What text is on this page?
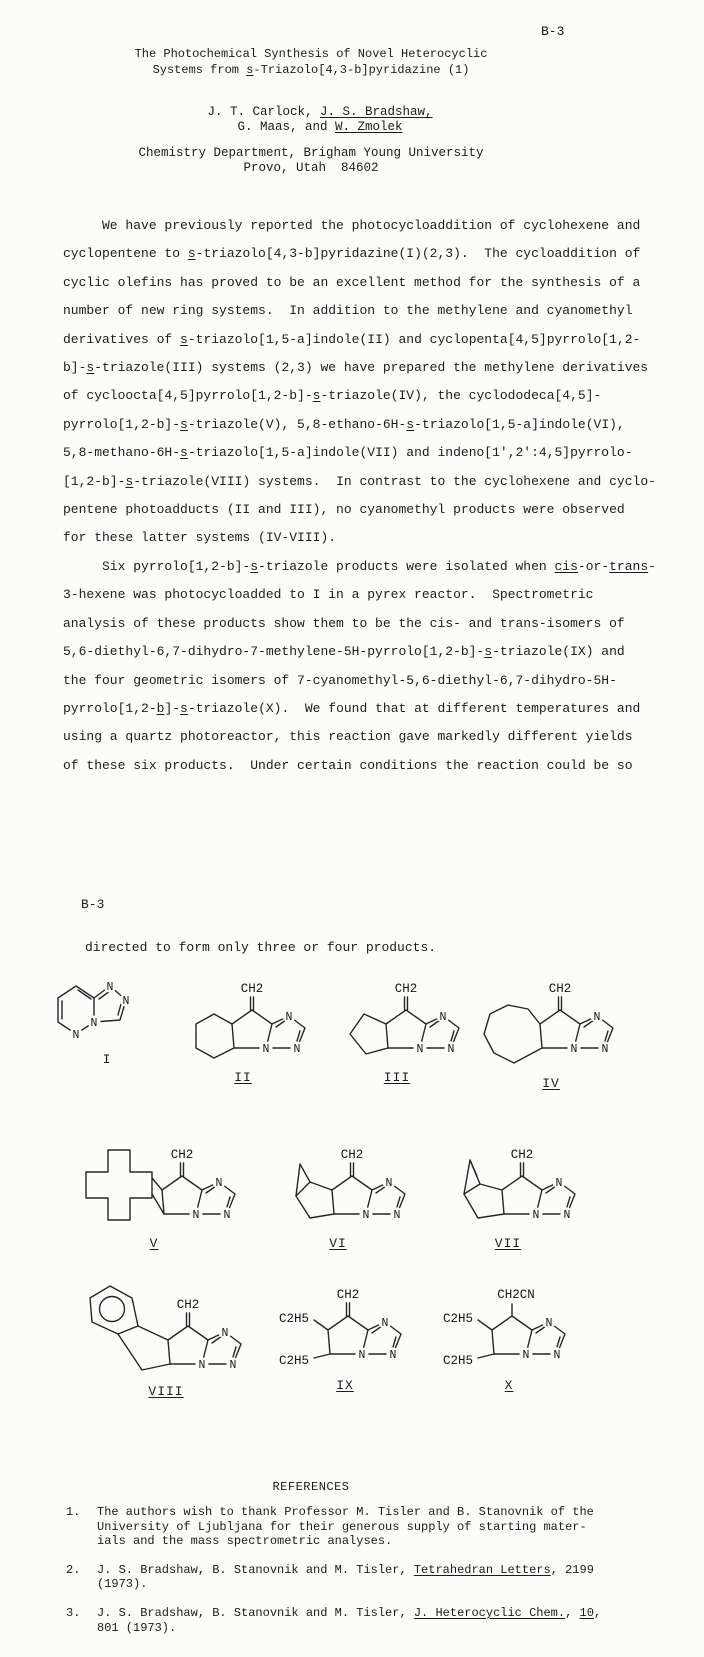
B-3
The Photochemical Synthesis of Novel Heterocyclic
Systems from s-Triazolo[4,3-b]pyridazine (1)
J. T. Carlock, J. S. Bradshaw,
G. Maas, and W. Zmolek
Chemistry Department, Brigham Young University
Provo, Utah  84602
We have previously reported the photocycloaddition of cyclohexene and
cyclopentene to s-triazolo[4,3-b]pyridazine(I)(2,3).  The cycloaddition of
cyclic olefins has proved to be an excellent method for the synthesis of a
number of new ring systems.  In addition to the methylene and cyanomethyl
derivatives of s-triazolo[1,5-a]indole(II) and cyclopenta[4,5]pyrrolo[1,2-
b]-s-triazole(III) systems (2,3) we have prepared the methylene derivatives
of cycloocta[4,5]pyrrolo[1,2-b]-s-triazole(IV), the cyclododeca[4,5]-
pyrrolo[1,2-b]-s-triazole(V), 5,8-ethano-6H-s-triazolo[1,5-a]indole(VI),
5,8-methano-6H-s-triazolo[1,5-a]indole(VII) and indeno[1',2':4,5]pyrrolo-
[1,2-b]-s-triazole(VIII) systems.  In contrast to the cyclohexene and cyclo-
pentene photoadducts (II and III), no cyanomethyl products were observed
for these latter systems (IV-VIII).
Six pyrrolo[1,2-b]-s-triazole products were isolated when cis-or-trans-
3-hexene was photocycloadded to I in a pyrex reactor.  Spectrometric
analysis of these products show them to be the cis- and trans-isomers of
5,6-diethyl-6,7-dihydro-7-methylene-5H-pyrrolo[1,2-b]-s-triazole(IX) and
the four geometric isomers of 7-cyanomethyl-5,6-diethyl-6,7-dihydro-5H-
pyrrolo[1,2-b]-s-triazole(X).  We found that at different temperatures and
using a quartz photoreactor, this reaction gave markedly different yields
of these six products.  Under certain conditions the reaction could be so
B-3
directed to form only three or four products.
N
N
N
N
I
CH2
N
N
N
II
CH2
N
N
N
III
CH2
N
N
N
IV
CH2
N
N
N
V
CH2
N
N
N
VI
CH2
N
N
N
VII
CH2
N
N
N
VIII
CH2
C2H5
C2H5
N
N
N
IX
CH2CN
C2H5
C2H5
N
N
N
X
REFERENCES
1. The authors wish to thank Professor M. Tisler and B. Stanovnik of the
University of Ljubljana for their generous supply of starting mater-
ials and the mass spectrometric analyses.
2. J. S. Bradshaw, B. Stanovnik and M. Tisler, Tetrahedran Letters, 2199
(1973).
3. J. S. Bradshaw, B. Stanovnik and M. Tisler, J. Heterocyclic Chem., 10,
801 (1973).
